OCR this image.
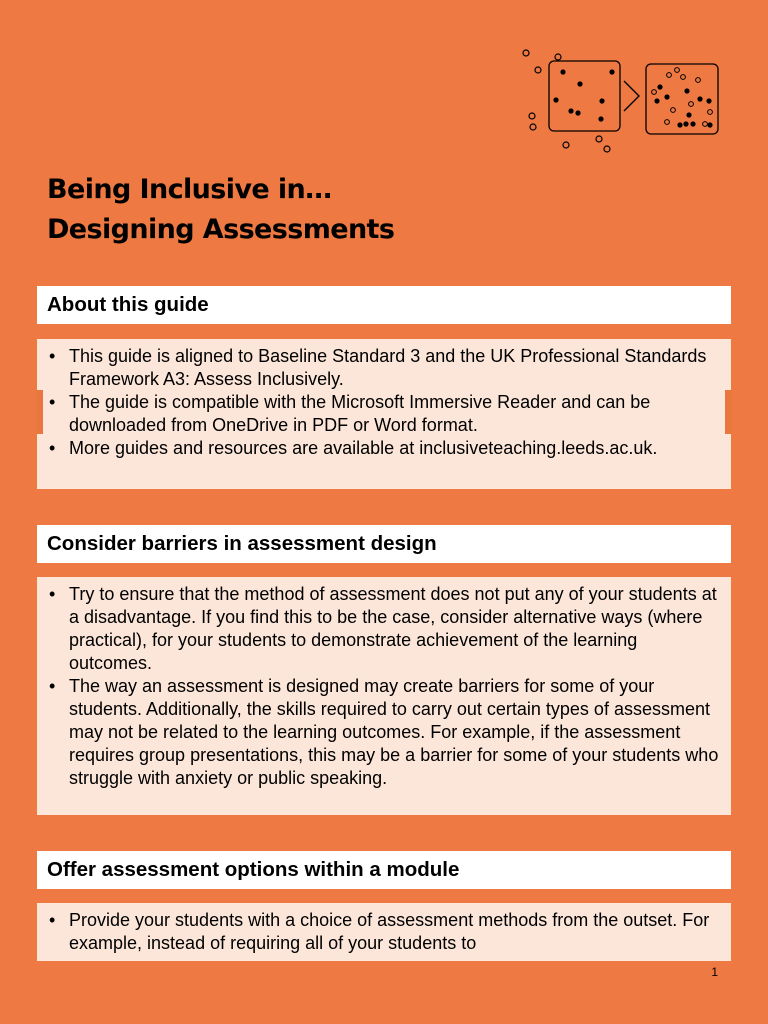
Being Inclusive in…
Designing Assessments
About this guide
• This guide is aligned to Baseline Standard 3 and the UK Professional Standards Framework A3: Assess Inclusively.
• The guide is compatible with the Microsoft Immersive Reader and can be downloaded from OneDrive in PDF or Word format.
• More guides and resources are available at inclusiveteaching.leeds.ac.uk.
Consider barriers in assessment design
• Try to ensure that the method of assessment does not put any of your students at a disadvantage. If you find this to be the case, consider alternative ways (where practical), for your students to demonstrate achievement of the learning outcomes.
• The way an assessment is designed may create barriers for some of your students. Additionally, the skills required to carry out certain types of assessment may not be related to the learning outcomes. For example, if the assessment requires group presentations, this may be a barrier for some of your students who struggle with anxiety or public speaking.
Offer assessment options within a module
• Provide your students with a choice of assessment methods from the outset. For example, instead of requiring all of your students to
1
